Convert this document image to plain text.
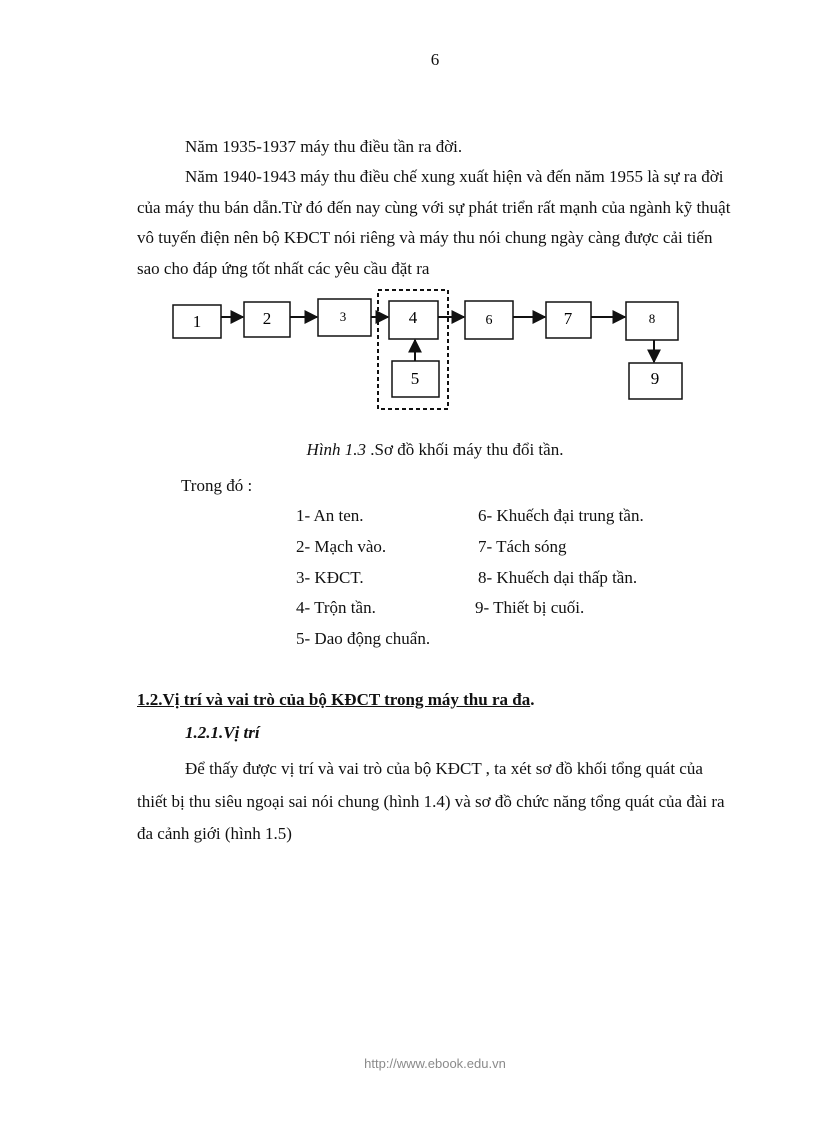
6

Năm 1935-1937 máy thu điều tần ra đời.

Năm 1940-1943 máy thu điều chế xung xuất hiện và đến năm 1955 là sự ra đời của máy thu bán dẫn.Từ đó đến nay cùng với sự phát triển rất mạnh của ngành kỹ thuật vô tuyến điện nên bộ KĐCT nói riêng và máy thu nói chung ngày càng được cải tiến sao cho đáp ứng tốt nhất các yêu cầu đặt ra

1	2	3	4
5
6	7	8
9
Hình 1.3 .Sơ đồ khối máy thu đổi tần.
Trong đó :
1- An ten.
2- Mạch vào.
3- KĐCT.
4- Trộn tần.
5- Dao động chuẩn.
6- Khuếch đại trung tần.
7- Tách sóng
8- Khuếch dại thấp tần.
9- Thiết bị cuối.
1.2.Vị trí và vai trò của bộ KĐCT trong máy thu ra đa.
1.2.1.Vị trí

Để thấy được vị trí và vai trò của bộ KĐCT , ta xét sơ đồ khối tổng quát của thiết bị thu siêu ngoại sai nói chung (hình 1.4) và sơ đồ chức năng tổng quát của đài ra đa cảnh giới (hình 1.5)

http://www.ebook.edu.vn
